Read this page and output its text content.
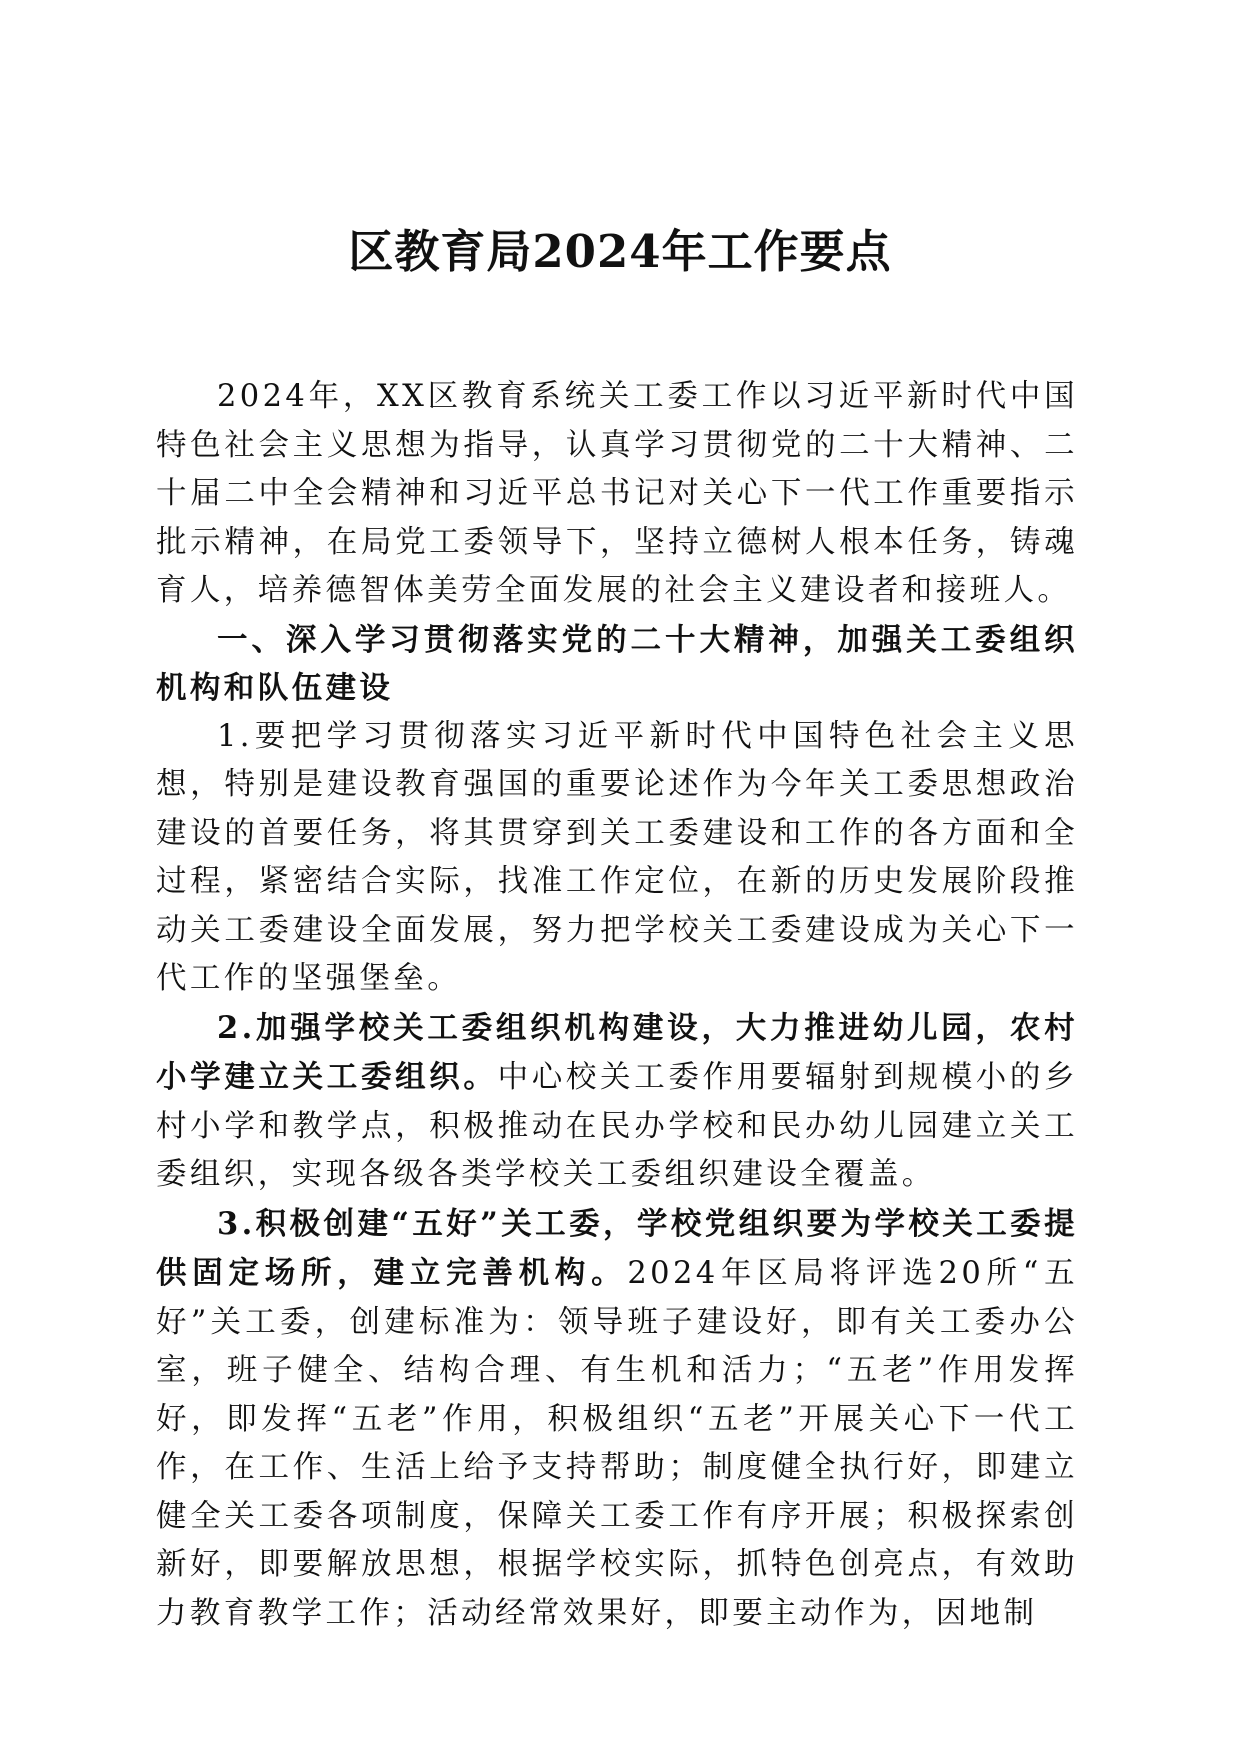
区教育局2024年工作要点

2024年，XX区教育系统关工委工作以习近平新时代中国特色社会主义思想为指导，认真学习贯彻党的二十大精神、二十届二中全会精神和习近平总书记对关心下一代工作重要指示批示精神，在局党工委领导下，坚持立德树人根本任务，铸魂育人，培养德智体美劳全面发展的社会主义建设者和接班人。

一、深入学习贯彻落实党的二十大精神，加强关工委组织机构和队伍建设

1.要把学习贯彻落实习近平新时代中国特色社会主义思想，特别是建设教育强国的重要论述作为今年关工委思想政治建设的首要任务，将其贯穿到关工委建设和工作的各方面和全过程，紧密结合实际，找准工作定位，在新的历史发展阶段推动关工委建设全面发展，努力把学校关工委建设成为关心下一代工作的坚强堡垒。

2.加强学校关工委组织机构建设，大力推进幼儿园，农村小学建立关工委组织。中心校关工委作用要辐射到规模小的乡村小学和教学点，积极推动在民办学校和民办幼儿园建立关工委组织，实现各级各类学校关工委组织建设全覆盖。

3.积极创建“五好”关工委，学校党组织要为学校关工委提供固定场所，建立完善机构。2024年区局将评选20所“五好”关工委，创建标准为：领导班子建设好，即有关工委办公室，班子健全、结构合理、有生机和活力；“五老”作用发挥好，即发挥“五老”作用，积极组织“五老”开展关心下一代工作，在工作、生活上给予支持帮助；制度健全执行好，即建立健全关工委各项制度，保障关工委工作有序开展；积极探索创新好，即要解放思想，根据学校实际，抓特色创亮点，有效助力教育教学工作；活动经常效果好，即要主动作为，因地制
